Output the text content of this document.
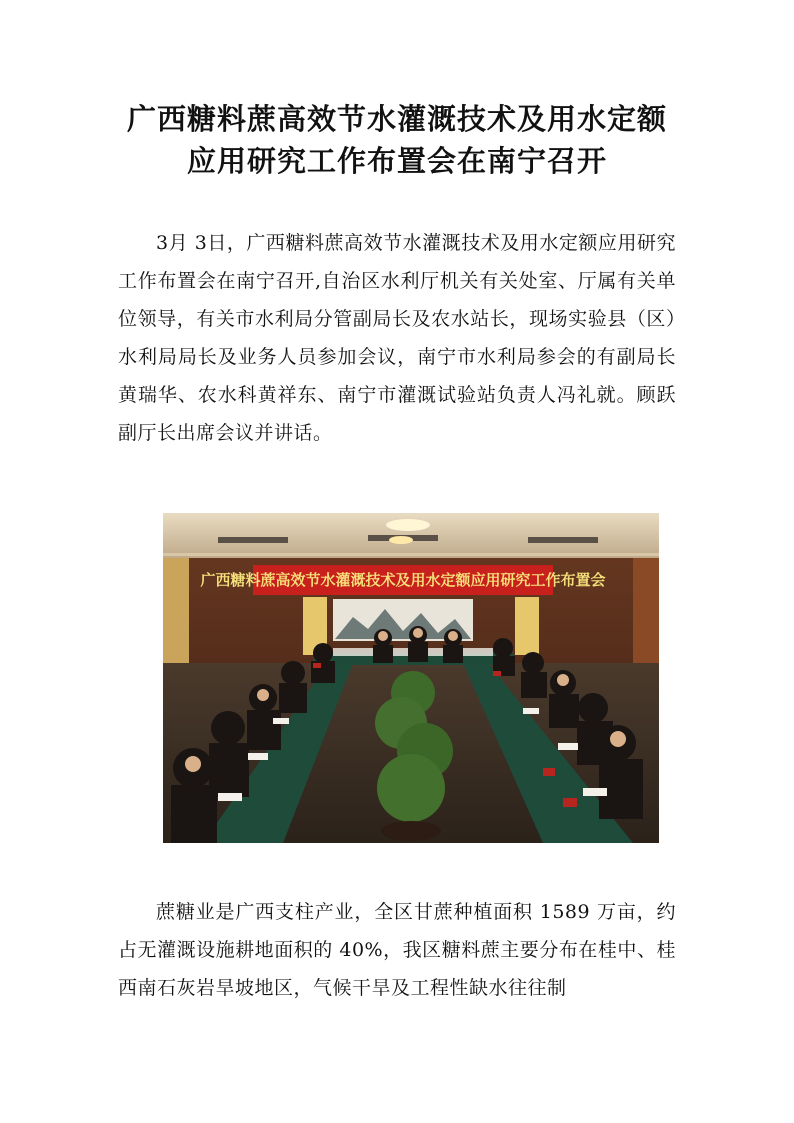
广西糖料蔗高效节水灌溉技术及用水定额
应用研究工作布置会在南宁召开

3月 3日，广西糖料蔗高效节水灌溉技术及用水定额应用研究工作布置会在南宁召开,自治区水利厅机关有关处室、厅属有关单位领导，有关市水利局分管副局长及农水站长，现场实验县（区）水利局局长及业务人员参加会议，南宁市水利局参会的有副局长黄瑞华、农水科黄祥东、南宁市灌溉试验站负责人冯礼就。顾跃副厅长出席会议并讲话。

广西糖料蔗高效节水灌溉技术及用水定额应用研究工作布置会

蔗糖业是广西支柱产业，全区甘蔗种植面积 1589 万亩，约占无灌溉设施耕地面积的 40%，我区糖料蔗主要分布在桂中、桂西南石灰岩旱坡地区，气候干旱及工程性缺水往往制
